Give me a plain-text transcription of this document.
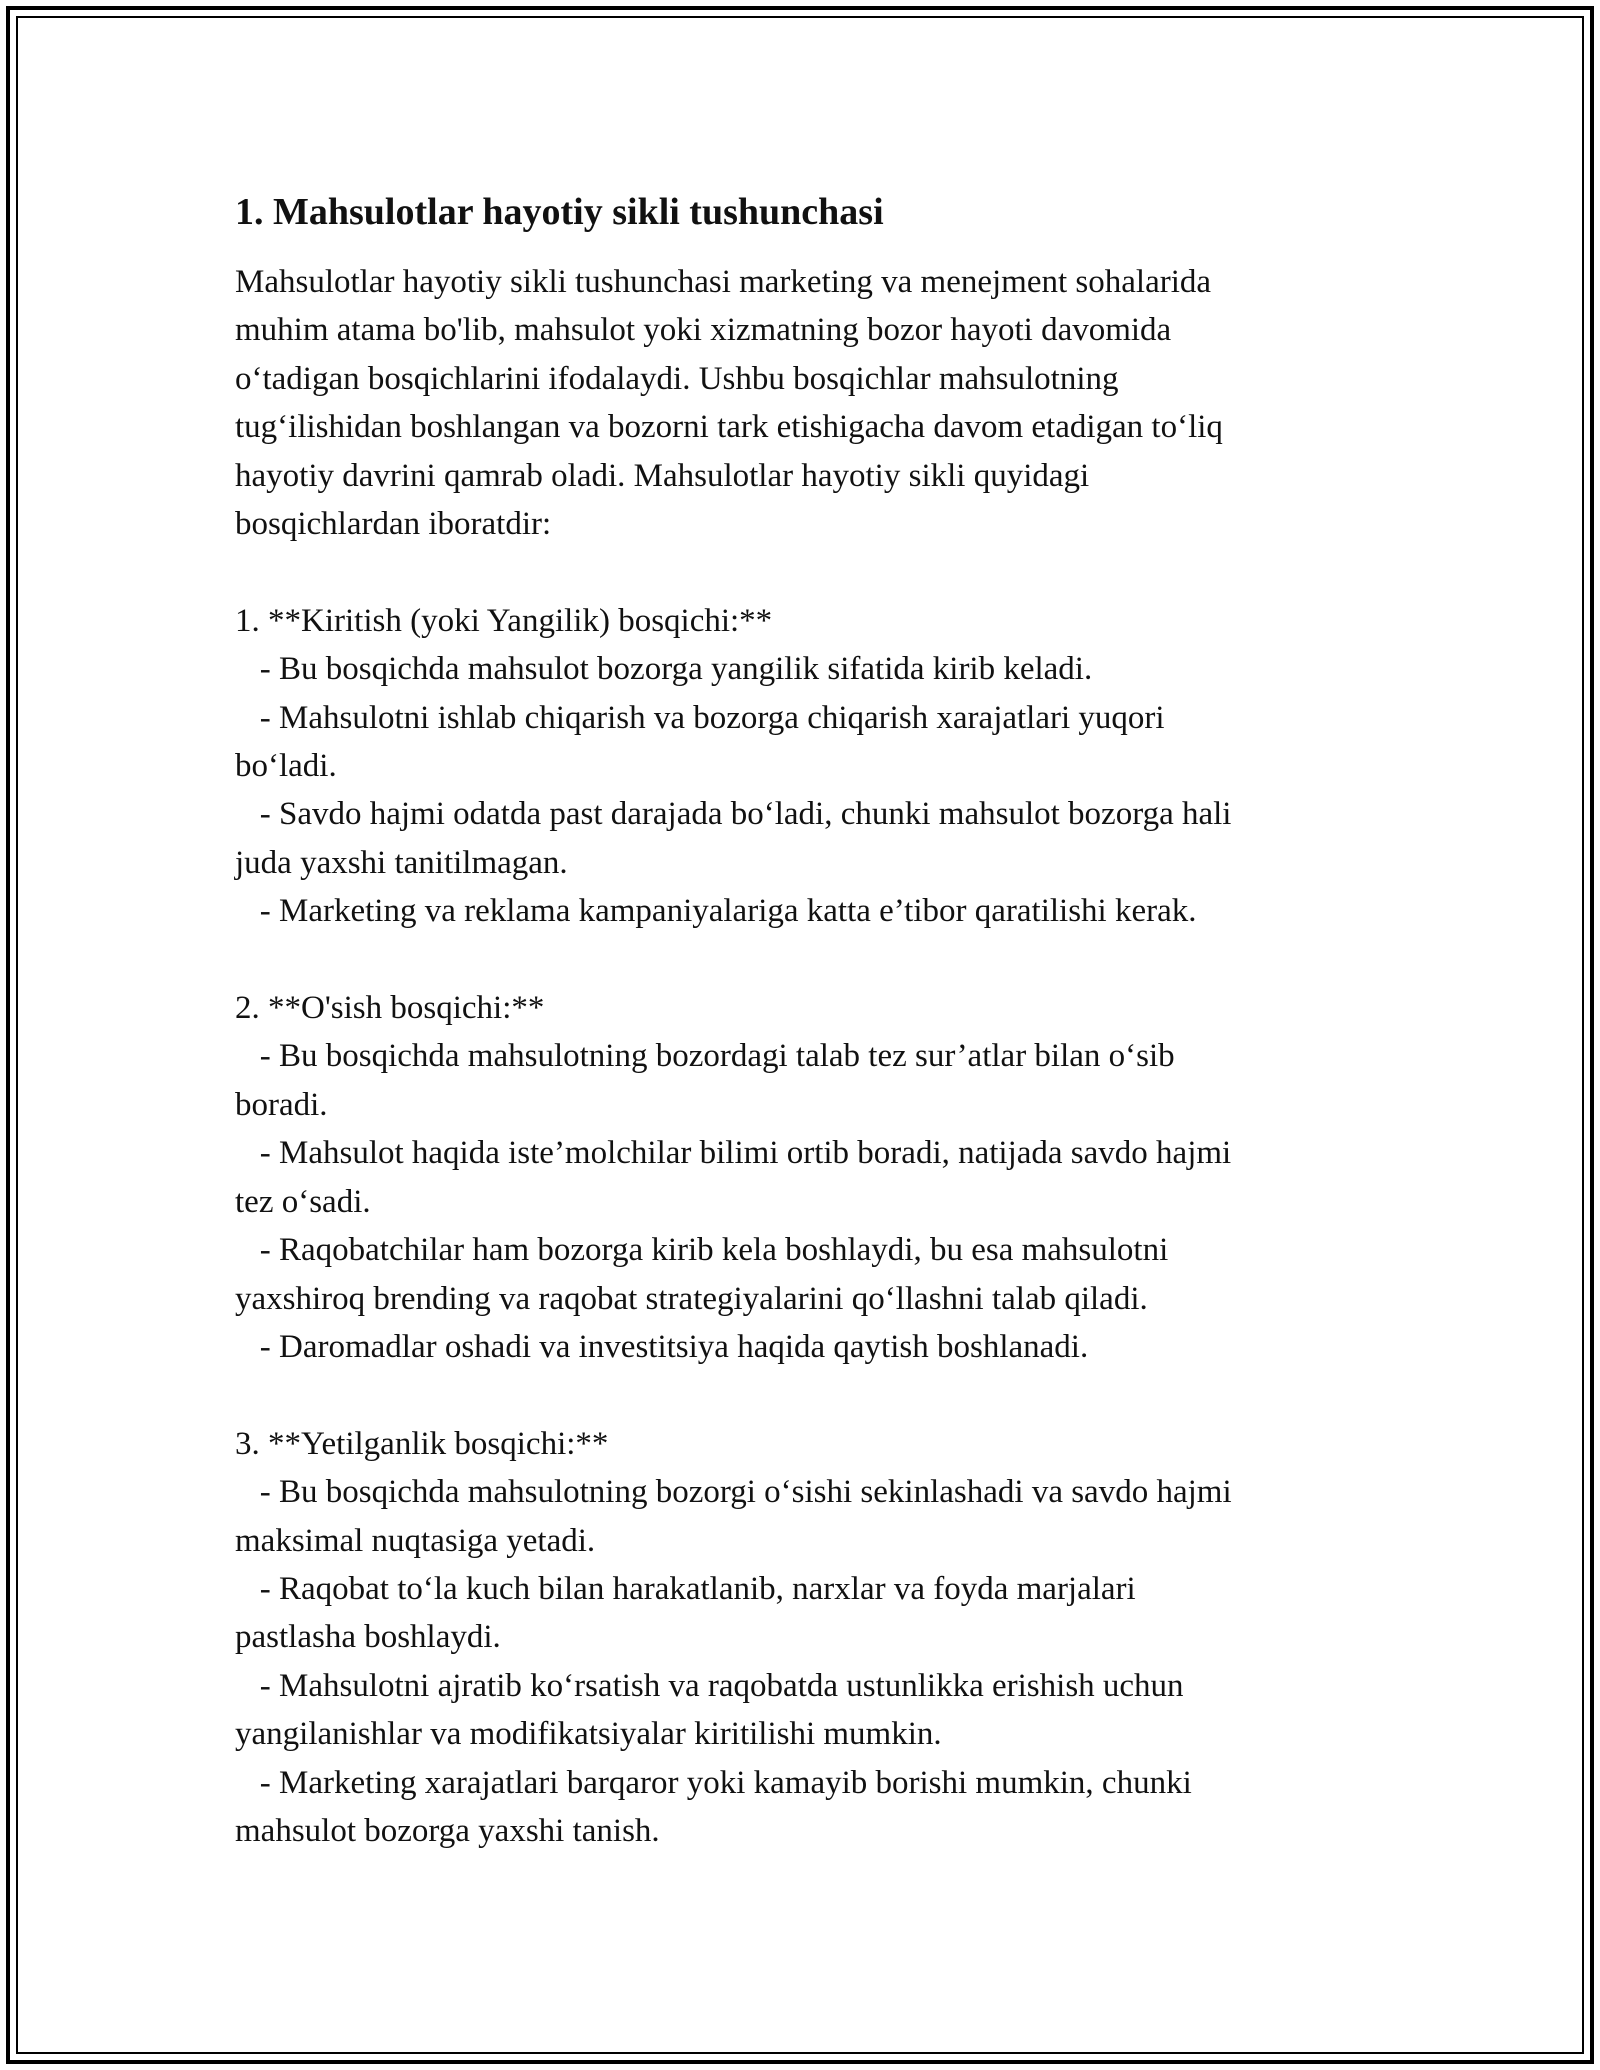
1. Mahsulotlar hayotiy sikli tushunchasi

Mahsulotlar hayotiy sikli tushunchasi marketing va menejment sohalarida
muhim atama bo'lib, mahsulot yoki xizmatning bozor hayoti davomida
o‘tadigan bosqichlarini ifodalaydi. Ushbu bosqichlar mahsulotning
tug‘ilishidan boshlangan va bozorni tark etishigacha davom etadigan to‘liq
hayotiy davrini qamrab oladi. Mahsulotlar hayotiy sikli quyidagi
bosqichlardan iboratdir:

1. **Kiritish (yoki Yangilik) bosqichi:**
- Bu bosqichda mahsulot bozorga yangilik sifatida kirib keladi.
- Mahsulotni ishlab chiqarish va bozorga chiqarish xarajatlari yuqori
bo‘ladi.
- Savdo hajmi odatda past darajada bo‘ladi, chunki mahsulot bozorga hali
juda yaxshi tanitilmagan.
- Marketing va reklama kampaniyalariga katta e’tibor qaratilishi kerak.
2. **O'sish bosqichi:**
- Bu bosqichda mahsulotning bozordagi talab tez sur’atlar bilan o‘sib
boradi.
- Mahsulot haqida iste’molchilar bilimi ortib boradi, natijada savdo hajmi
tez o‘sadi.
- Raqobatchilar ham bozorga kirib kela boshlaydi, bu esa mahsulotni
yaxshiroq brending va raqobat strategiyalarini qo‘llashni talab qiladi.
- Daromadlar oshadi va investitsiya haqida qaytish boshlanadi.
3. **Yetilganlik bosqichi:**
- Bu bosqichda mahsulotning bozorgi o‘sishi sekinlashadi va savdo hajmi
maksimal nuqtasiga yetadi.
- Raqobat to‘la kuch bilan harakatlanib, narxlar va foyda marjalari
pastlasha boshlaydi.
- Mahsulotni ajratib ko‘rsatish va raqobatda ustunlikka erishish uchun
yangilanishlar va modifikatsiyalar kiritilishi mumkin.
- Marketing xarajatlari barqaror yoki kamayib borishi mumkin, chunki
mahsulot bozorga yaxshi tanish.
